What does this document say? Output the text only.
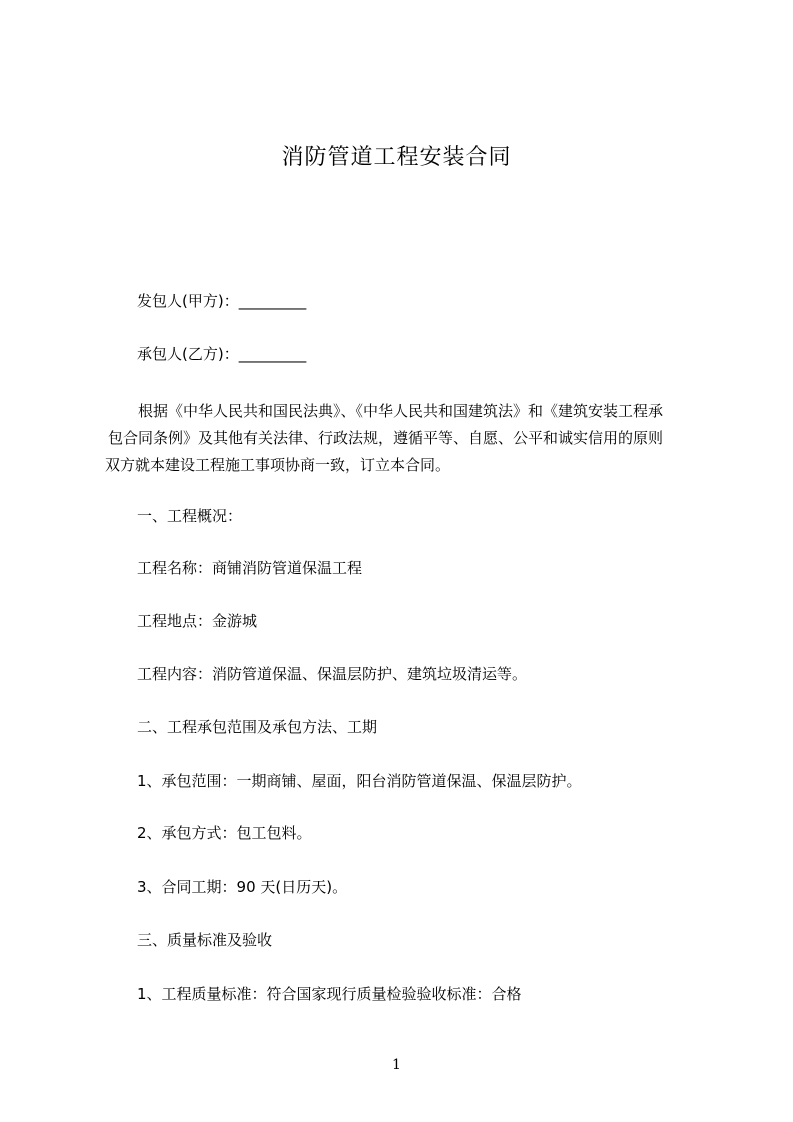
消防管道工程安装合同
发包人(甲方)：_________
承包人(乙方)：_________
根据《中华人民共和国民法典》、《中华人民共和国建筑法》和《建筑安装工程承
包合同条例》及其他有关法律、行政法规，遵循平等、自愿、公平和诚实信用的原则
双方就本建设工程施工事项协商一致，订立本合同。
一、工程概况：
工程名称：商铺消防管道保温工程
工程地点：金游城
工程内容：消防管道保温、保温层防护、建筑垃圾清运等。
二、工程承包范围及承包方法、工期
1、承包范围：一期商铺、屋面，阳台消防管道保温、保温层防护。
2、承包方式：包工包料。
3、合同工期：90 天(日历天)。
三、质量标准及验收
1、工程质量标准：符合国家现行质量检验验收标准：合格
1
